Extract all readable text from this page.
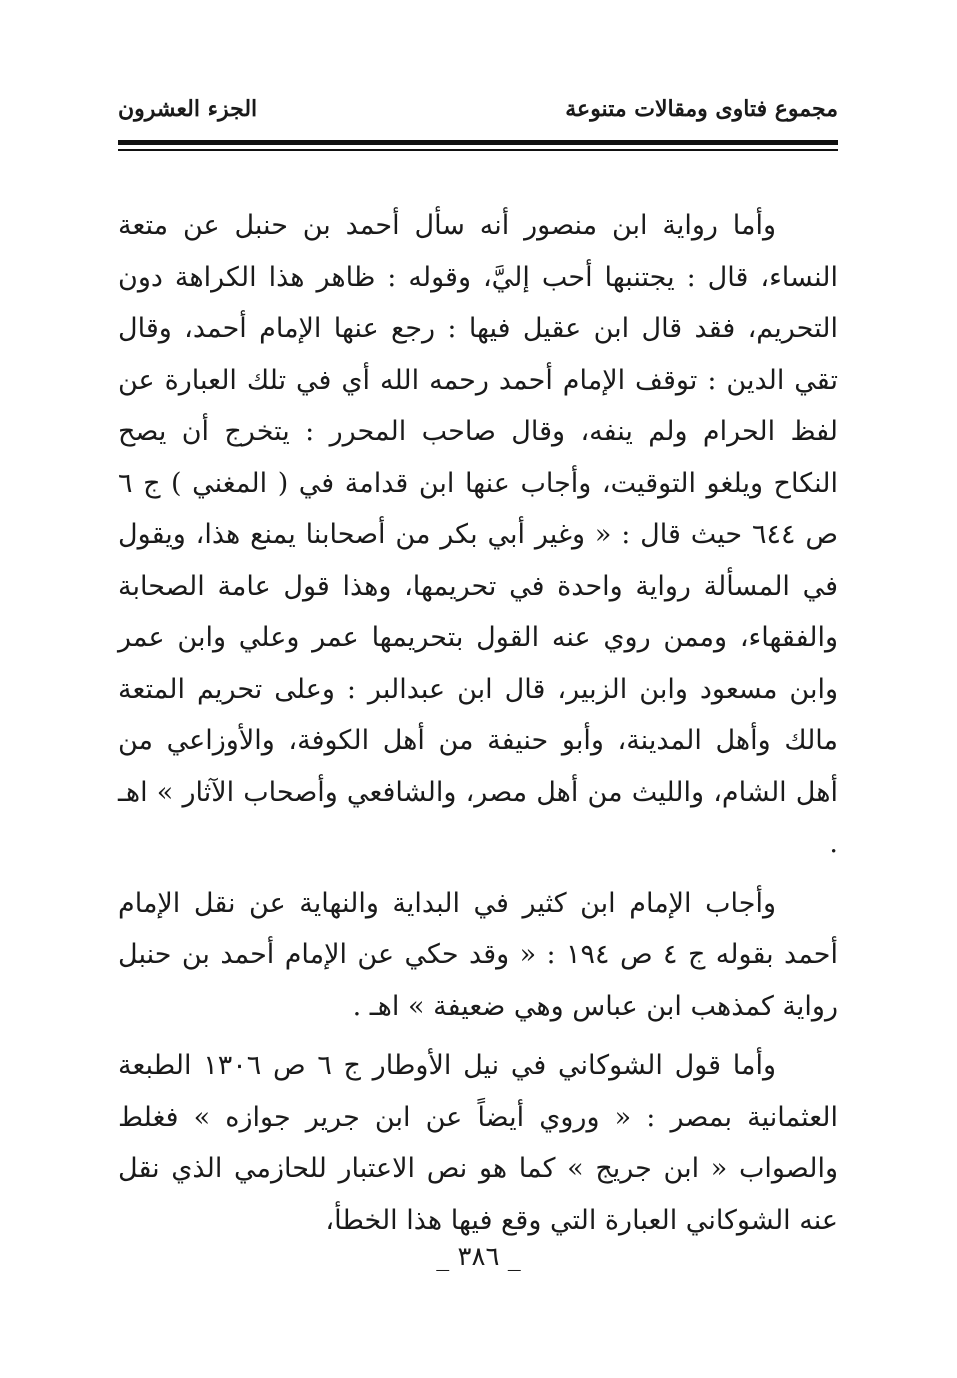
مجموع فتاوى ومقالات متنوعة
الجزء العشرون

وأما رواية ابن منصور أنه سأل أحمد بن حنبل عن متعة النساء، قال : يجتنبها أحب إليَّ، وقوله : ظاهر هذا الكراهة دون التحريم، فقد قال ابن عقيل فيها : رجع عنها الإمام أحمد، وقال تقي الدين : توقف الإمام أحمد رحمه الله أي في تلك العبارة عن لفظ الحرام ولم ينفه، وقال صاحب المحرر : يتخرج أن يصح النكاح ويلغو التوقيت، وأجاب عنها ابن قدامة في ( المغني ) ج ٦ ص ٦٤٤ حيث قال : « وغير أبي بكر من أصحابنا يمنع هذا، ويقول في المسألة رواية واحدة في تحريمها، وهذا قول عامة الصحابة والفقهاء، وممن روي عنه القول بتحريمها عمر وعلي وابن عمر وابن مسعود وابن الزبير، قال ابن عبدالبر : وعلى تحريم المتعة مالك وأهل المدينة، وأبو حنيفة من أهل الكوفة، والأوزاعي من أهل الشام، والليث من أهل مصر، والشافعي وأصحاب الآثار » اهـ .

وأجاب الإمام ابن كثير في البداية والنهاية عن نقل الإمام أحمد بقوله ج ٤ ص ١٩٤ : « وقد حكي عن الإمام أحمد بن حنبل رواية كمذهب ابن عباس وهي ضعيفة » اهـ .

وأما قول الشوكاني في نيل الأوطار ج ٦ ص ١٣٠٦ الطبعة العثمانية بمصر : « وروي أيضاً عن ابن جرير جوازه » فغلط والصواب « ابن جريج » كما هو نص الاعتبار للحازمي الذي نقل عنه الشوكاني العبارة التي وقع فيها هذا الخطأ،

_ ٣٨٦ _
